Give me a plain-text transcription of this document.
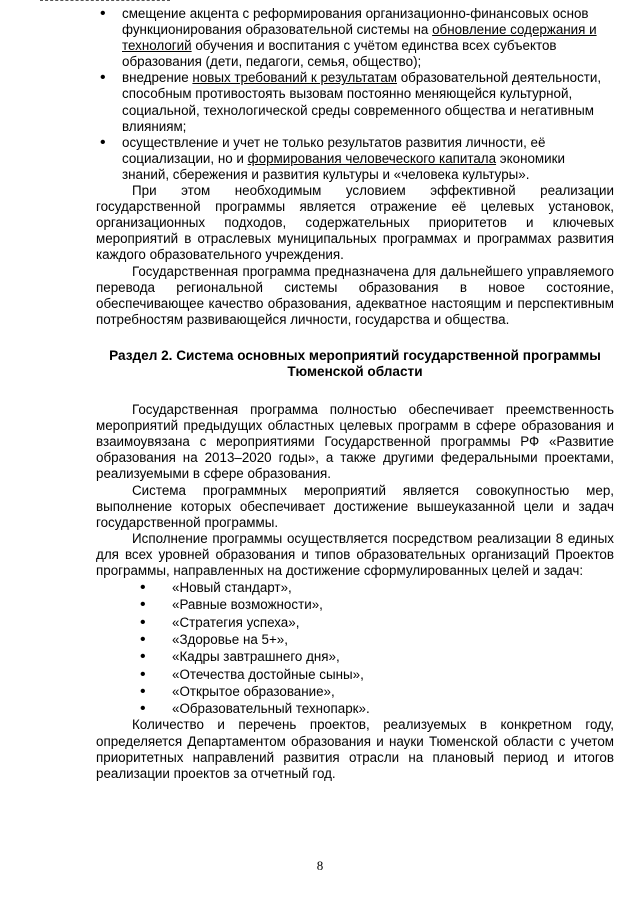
• смещение акцента с реформирования организационно-финансовых основ функционирования образовательной системы на обновление содержания и технологий обучения и воспитания с учётом единства всех субъектов образования (дети, педагоги, семья, общество);
• внедрение новых требований к результатам образовательной деятельности, способным противостоять вызовам постоянно меняющейся культурной, социальной, технологической среды современного общества и негативным влияниям;
• осуществление и учет не только результатов развития личности, её социализации, но и формирования человеческого капитала экономики знаний, сбережения и развития культуры и «человека культуры».

При этом необходимым условием эффективной реализации государственной программы является отражение её целевых установок, организационных подходов, содержательных приоритетов и ключевых мероприятий в отраслевых муниципальных программах и программах развития каждого образовательного учреждения.

Государственная программа предназначена для дальнейшего управляемого перевода региональной системы образования в новое состояние, обеспечивающее качество образования, адекватное настоящим и перспективным потребностям развивающейся личности, государства и общества.

Раздел 2. Система основных мероприятий государственной программы Тюменской области

Государственная программа полностью обеспечивает преемственность мероприятий предыдущих областных целевых программ в сфере образования и взаимоувязана с мероприятиями Государственной программы РФ «Развитие образования на 2013–2020 годы», а также другими федеральными проектами, реализуемыми в сфере образования.

Система программных мероприятий является совокупностью мер, выполнение которых обеспечивает достижение вышеуказанной цели и задач государственной программы.

Исполнение программы осуществляется посредством реализации 8 единых для всех уровней образования и типов образовательных организаций Проектов программы, направленных на достижение сформулированных целей и задач:

• «Новый стандарт»,
• «Равные возможности»,
• «Стратегия успеха»,
• «Здоровье на 5+»,
• «Кадры завтрашнего дня»,
• «Отечества достойные сыны»,
• «Открытое образование»,
• «Образовательный технопарк».

Количество и перечень проектов, реализуемых в конкретном году, определяется Департаментом образования и науки Тюменской области с учетом приоритетных направлений развития отрасли на плановый период и итогов реализации проектов за отчетный год.

8
